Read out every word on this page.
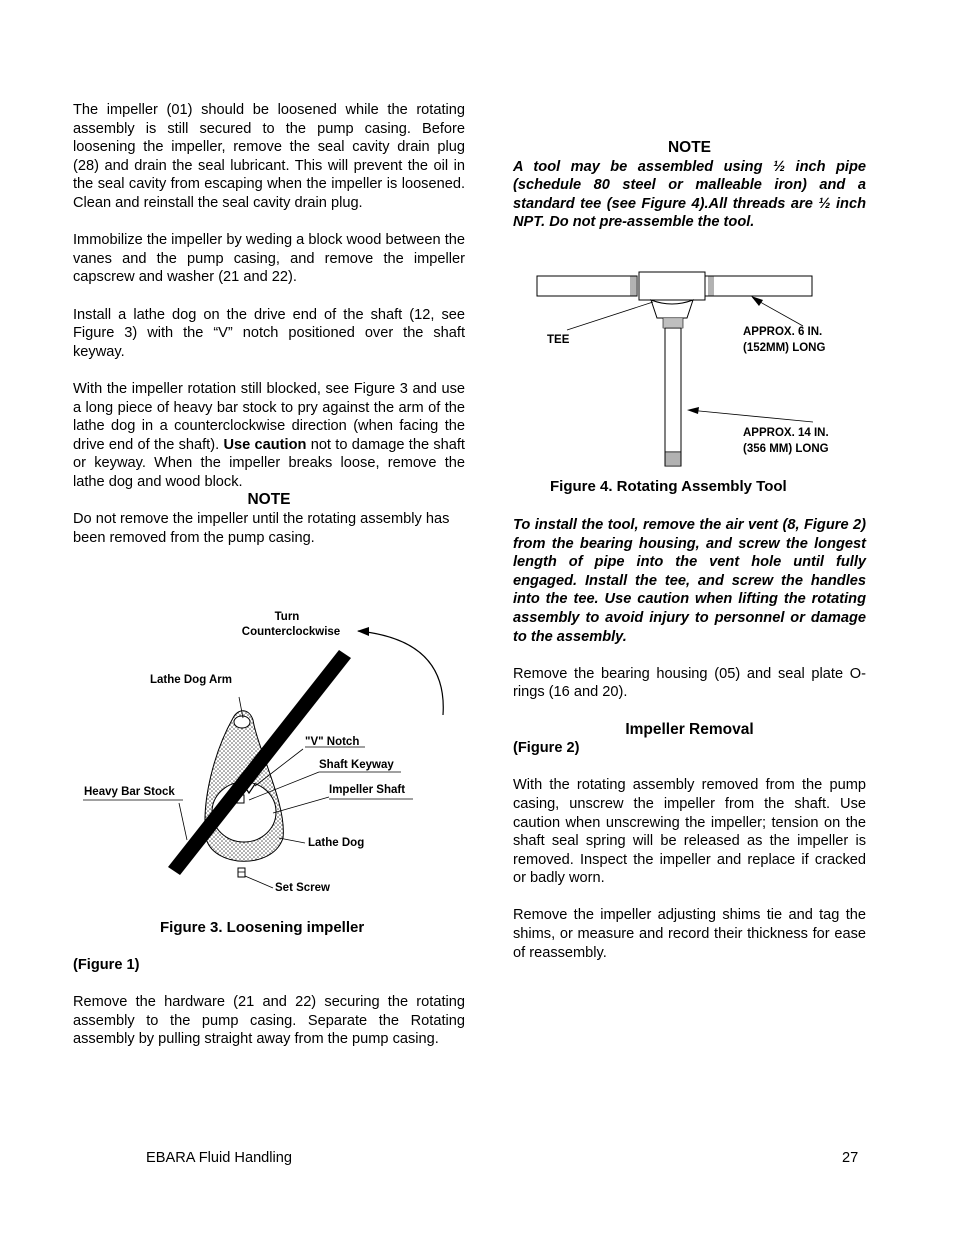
The impeller (01) should be loosened while the rotating assembly is still secured to the pump casing. Before loosening the impeller, remove the seal cavity drain plug (28) and drain the seal lubricant. This will prevent the oil in the seal cavity from escaping when the impeller is loosened. Clean and reinstall the seal cavity drain plug.

Immobilize the impeller by weding a block wood between the vanes and the pump casing, and remove the impeller capscrew and washer (21 and 22).

Install a lathe dog on the drive end of the shaft (12, see Figure 3) with the “V” notch positioned over the shaft keyway.

With the impeller rotation still blocked, see Figure 3 and use a long piece of heavy bar stock to pry against the arm of the lathe dog in a counterclockwise direction (when facing the drive end of the shaft). Use caution not to damage the shaft or keyway. When the impeller breaks loose, remove the lathe dog and wood block.

NOTE

Do not remove the impeller until the rotating assembly has been removed from the pump casing.

Turn
Counterclockwise
Lathe Dog Arm
"V" Notch
Shaft Keyway
Heavy Bar Stock	Impeller Shaft
Lathe Dog
Set Screw
Figure 3. Loosening impeller

(Figure 1)

Remove the hardware (21 and 22) securing the rotating assembly to the pump casing. Separate the Rotating assembly by pulling straight away from the pump casing.

NOTE

A tool may be assembled using ½ inch pipe (schedule 80 steel or malleable iron) and a standard tee (see Figure 4).All threads are ½ inch NPT. Do not pre-assemble the tool.

TEE
APPROX. 6 IN.
(152MM) LONG
APPROX. 14 IN.
(356 MM) LONG
Figure 4. Rotating Assembly Tool

To install the tool, remove the air vent (8, Figure 2) from the bearing housing, and screw the longest length of pipe into the vent hole until fully engaged. Install the tee, and screw the handles into the tee. Use caution when lifting the rotating assembly to avoid injury to personnel or damage to the assembly.

Remove the bearing housing (05) and seal plate O-rings (16 and 20).

Impeller Removal

(Figure 2)

With the rotating assembly removed from the pump casing, unscrew the impeller from the shaft. Use caution when unscrewing the impeller; tension on the shaft seal spring will be released as the impeller is removed. Inspect the impeller and replace if cracked or badly worn.

Remove the impeller adjusting shims tie and tag the shims, or measure and record their thickness for ease of reassembly.

EBARA Fluid Handling	27
